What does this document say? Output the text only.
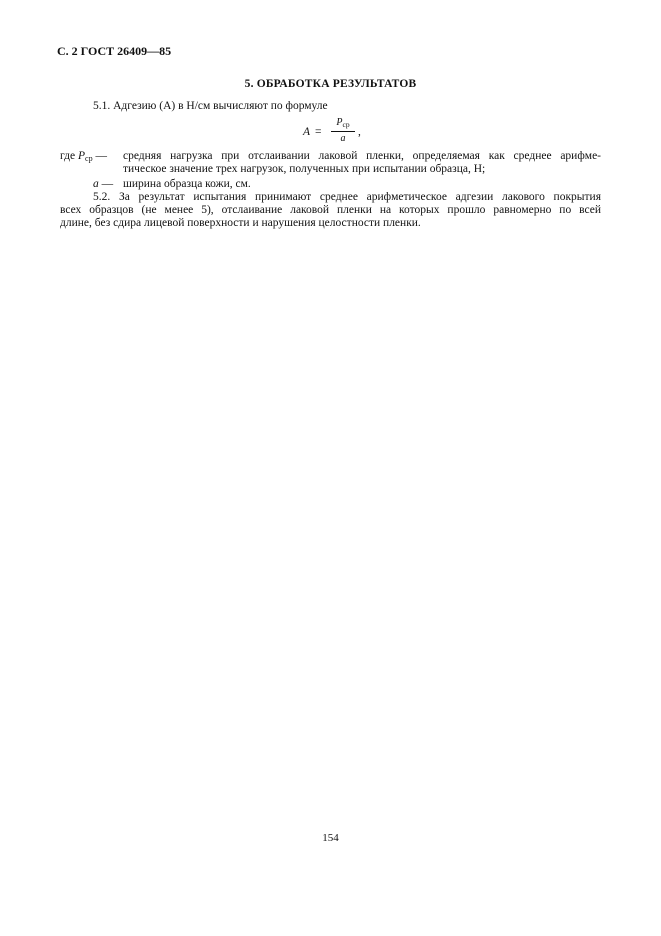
С. 2 ГОСТ 26409—85
5. ОБРАБОТКА РЕЗУЛЬТАТОВ
5.1. Адгезию (А) в Н/см вычисляют по формуле
A =
$P_{ср}$
a
,
где $P_{ср}$ — средняя нагрузка при отслаивании лаковой пленки, определяемая как среднее арифме-
тическое значение трех нагрузок, полученных при испытании образца, Н;
a — ширина образца кожи, см.
5.2. За результат испытания принимают среднее арифметическое адгезии лакового покрытия
всех образцов (не менее 5), отслаивание лаковой пленки на которых прошло равномерно по всей
длине, без сдира лицевой поверхности и нарушения целостности пленки.
154
